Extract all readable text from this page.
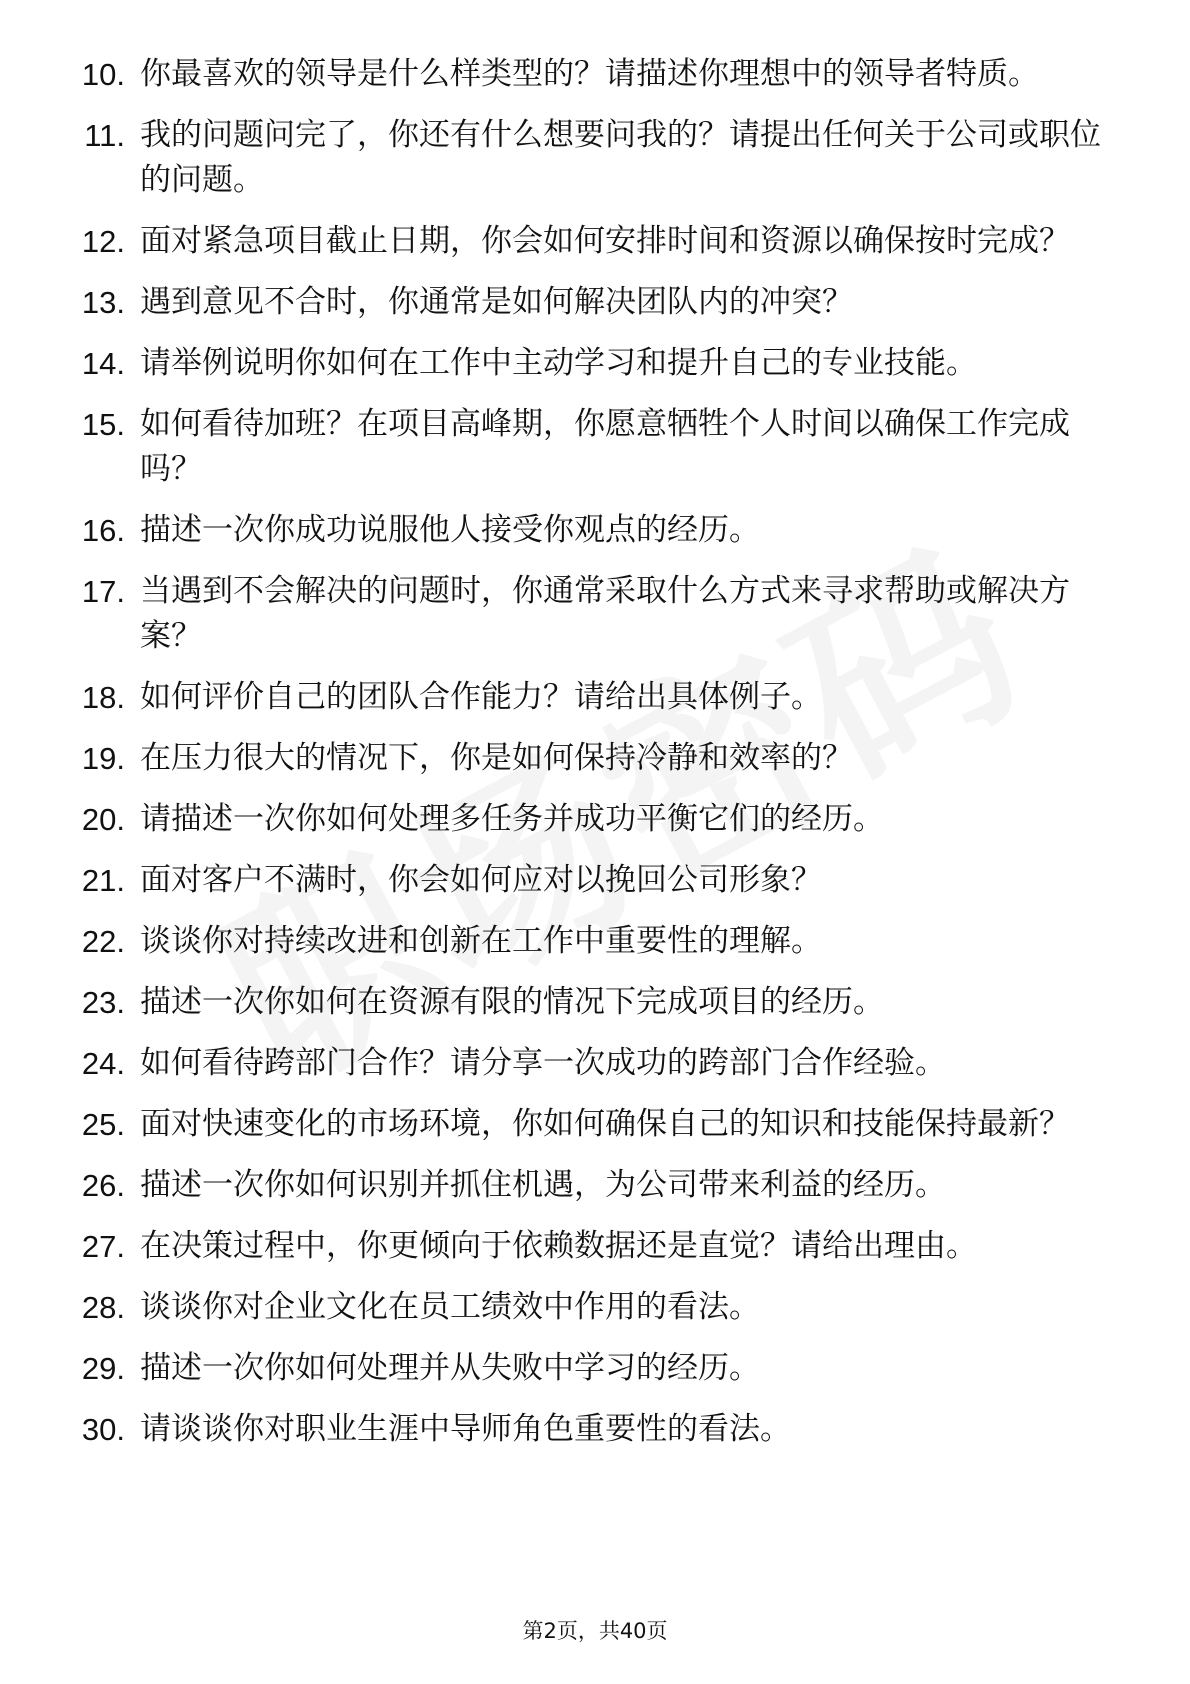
10. 你最喜欢的领导是什么样类型的？请描述你理想中的领导者特质。
11. 我的问题问完了，你还有什么想要问我的？请提出任何关于公司或职位的问题。
12. 面对紧急项目截止日期，你会如何安排时间和资源以确保按时完成？
13. 遇到意见不合时，你通常是如何解决团队内的冲突？
14. 请举例说明你如何在工作中主动学习和提升自己的专业技能。
15. 如何看待加班？在项目高峰期，你愿意牺牲个人时间以确保工作完成吗？
16. 描述一次你成功说服他人接受你观点的经历。
17. 当遇到不会解决的问题时，你通常采取什么方式来寻求帮助或解决方案？
18. 如何评价自己的团队合作能力？请给出具体例子。
19. 在压力很大的情况下，你是如何保持冷静和效率的？
20. 请描述一次你如何处理多任务并成功平衡它们的经历。
21. 面对客户不满时，你会如何应对以挽回公司形象？
22. 谈谈你对持续改进和创新在工作中重要性的理解。
23. 描述一次你如何在资源有限的情况下完成项目的经历。
24. 如何看待跨部门合作？请分享一次成功的跨部门合作经验。
25. 面对快速变化的市场环境，你如何确保自己的知识和技能保持最新？
26. 描述一次你如何识别并抓住机遇，为公司带来利益的经历。
27. 在决策过程中，你更倾向于依赖数据还是直觉？请给出理由。
28. 谈谈你对企业文化在员工绩效中作用的看法。
29. 描述一次你如何处理并从失败中学习的经历。
30. 请谈谈你对职业生涯中导师角色重要性的看法。
第2页，共40页
